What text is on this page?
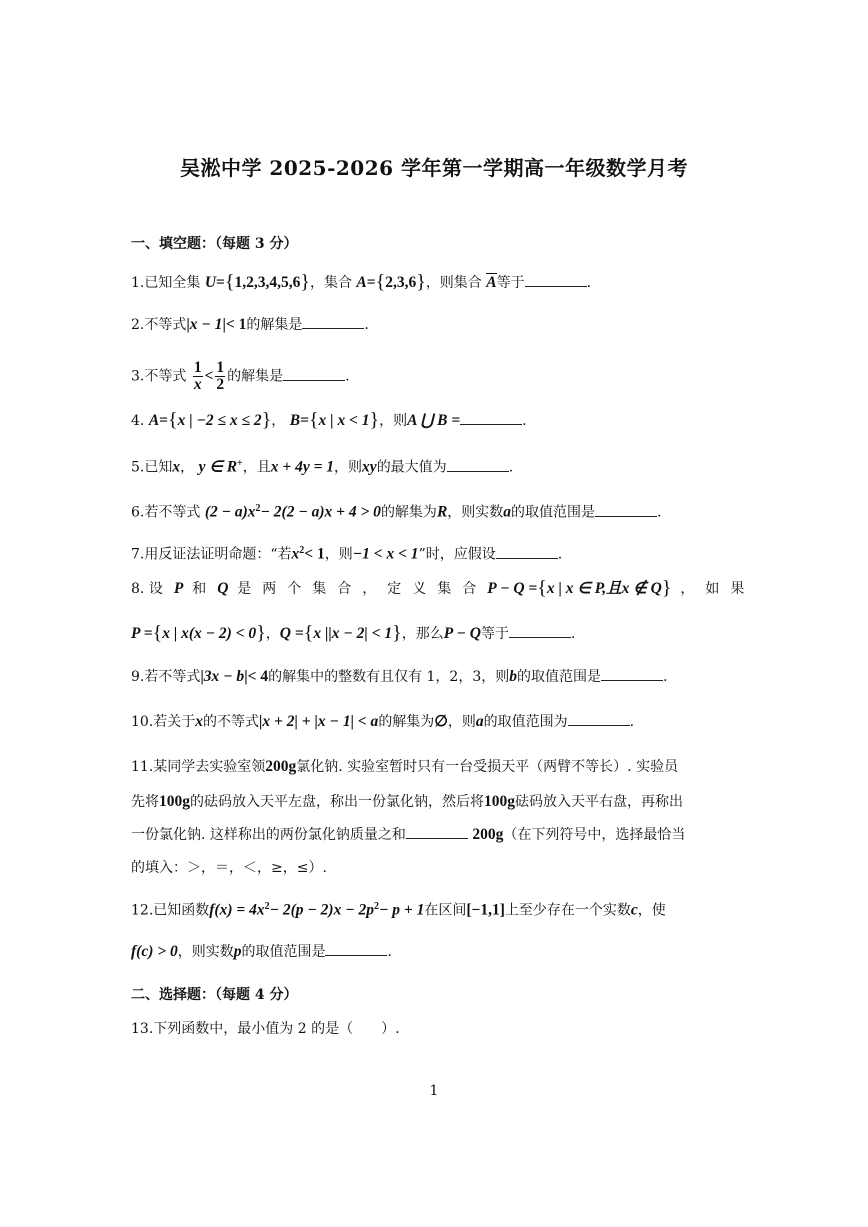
吴淞中学 2025-2026 学年第一学期高一年级数学月考
一、填空题：（每题 3 分）
1.已知全集 U={1,2,3,4,5,6}，集合 A={2,3,6}，则集合 A等于	.
2.不等式|x − 1|< 1的解集是	.
3.不等式 $\frac{1}{x} < \frac{1}{2}$ 的解集是	.
4. A={x | −2 ≤ x ≤ 2}， B={x | x < 1}，则A ⋃ B =	.
5.已知x， y ∈ R+，且x + 4y = 1，则xy的最大值为	.
6.若不等式 $(2 - a)x^2- 2(2 - a)x + 4 > 0$的解集为R，则实数a的取值范围是	.
7.用反证法证明命题：“若$x^2< 1$，则−1 < x < 1”时，应假设	.
8. 设P 和Q 是两个集合，定义集合P − Q ={x | x ∈ P,且x ∉ Q} ，如果
P ={x | x(x − 2) < 0}，Q ={x ||x − 2| < 1}，那么P − Q等于	.
9.若不等式|3x − b|< 4的解集中的整数有且仅有 1，2，3，则b的取值范围是	.
10.若关于x的不等式|x + 2| + |x − 1| < a的解集为∅，则a的取值范围为	.
11.某同学去实验室领200g氯化钠. 实验室暂时只有一台受损天平（两臂不等长）. 实验员
先将100g的砝码放入天平左盘，称出一份氯化钠，然后将100g砝码放入天平右盘，再称出
一份氯化钠. 这样称出的两份氯化钠质量之和	200g（在下列符号中，选择最恰当
的填入：＞，＝，＜，≥，≤）.
12.已知函数$f(x) = 4x^2- 2(p - 2)x - 2p^2- p + 1$在区间[−1,1]上至少存在一个实数c，使
f(c) > 0，则实数p的取值范围是	.
二、选择题：（每题 4 分）
13.下列函数中，最小值为 2 的是（　　）.
1
